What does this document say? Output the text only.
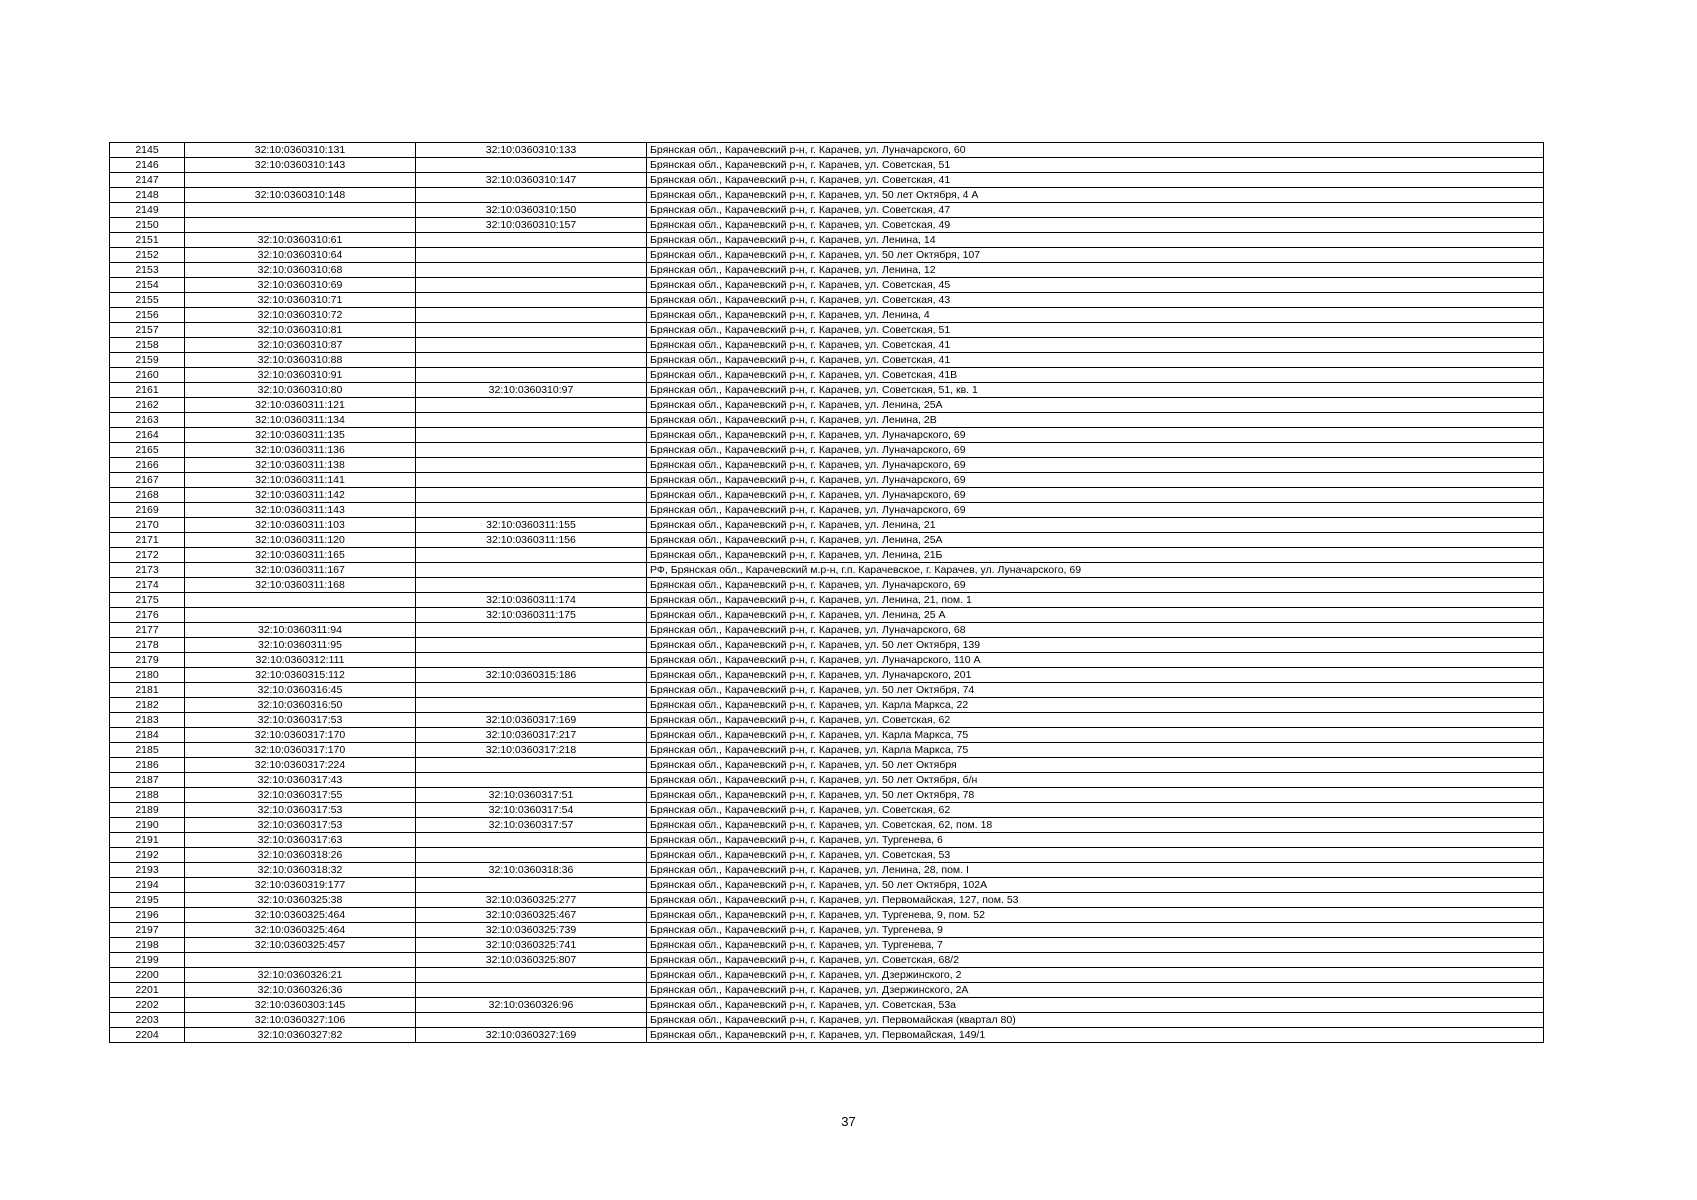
2145	32:10:0360310:131	32:10:0360310:133	Брянская обл., Карачевский р-н, г. Карачев, ул. Луначарского, 60
2146	32:10:0360310:143		Брянская обл., Карачевский р-н, г. Карачев, ул. Советская, 51
2147		32:10:0360310:147	Брянская обл., Карачевский р-н, г. Карачев, ул. Советская, 41
2148	32:10:0360310:148		Брянская обл., Карачевский р-н, г. Карачев, ул. 50 лет Октября, 4 А
2149		32:10:0360310:150	Брянская обл., Карачевский р-н, г. Карачев, ул. Советская, 47
2150		32:10:0360310:157	Брянская обл., Карачевский р-н, г. Карачев, ул. Советская, 49
2151	32:10:0360310:61		Брянская обл., Карачевский р-н, г. Карачев, ул. Ленина, 14
2152	32:10:0360310:64		Брянская обл., Карачевский р-н, г. Карачев, ул. 50 лет Октября, 107
2153	32:10:0360310:68		Брянская обл., Карачевский р-н, г. Карачев, ул. Ленина, 12
2154	32:10:0360310:69		Брянская обл., Карачевский р-н, г. Карачев, ул. Советская, 45
2155	32:10:0360310:71		Брянская обл., Карачевский р-н, г. Карачев, ул. Советская, 43
2156	32:10:0360310:72		Брянская обл., Карачевский р-н, г. Карачев, ул. Ленина, 4
2157	32:10:0360310:81		Брянская обл., Карачевский р-н, г. Карачев, ул. Советская, 51
2158	32:10:0360310:87		Брянская обл., Карачевский р-н, г. Карачев, ул. Советская, 41
2159	32:10:0360310:88		Брянская обл., Карачевский р-н, г. Карачев, ул. Советская, 41
2160	32:10:0360310:91		Брянская обл., Карачевский р-н, г. Карачев, ул. Советская, 41В
2161	32:10:0360310:80	32:10:0360310:97	Брянская обл., Карачевский р-н, г. Карачев, ул. Советская, 51, кв. 1
2162	32:10:0360311:121		Брянская обл., Карачевский р-н, г. Карачев, ул. Ленина, 25А
2163	32:10:0360311:134		Брянская обл., Карачевский р-н, г. Карачев, ул. Ленина, 2В
2164	32:10:0360311:135		Брянская обл., Карачевский р-н, г. Карачев, ул. Луначарского, 69
2165	32:10:0360311:136		Брянская обл., Карачевский р-н, г. Карачев, ул. Луначарского, 69
2166	32:10:0360311:138		Брянская обл., Карачевский р-н, г. Карачев, ул. Луначарского, 69
2167	32:10:0360311:141		Брянская обл., Карачевский р-н, г. Карачев, ул. Луначарского, 69
2168	32:10:0360311:142		Брянская обл., Карачевский р-н, г. Карачев, ул. Луначарского, 69
2169	32:10:0360311:143		Брянская обл., Карачевский р-н, г. Карачев, ул. Луначарского, 69
2170	32:10:0360311:103	32:10:0360311:155	Брянская обл., Карачевский р-н, г. Карачев, ул. Ленина, 21
2171	32:10:0360311:120	32:10:0360311:156	Брянская обл., Карачевский р-н, г. Карачев, ул. Ленина, 25А
2172	32:10:0360311:165		Брянская обл., Карачевский р-н, г. Карачев, ул. Ленина, 21Б
2173	32:10:0360311:167		РФ, Брянская обл., Карачевский м.р-н, г.п. Карачевское, г. Карачев, ул. Луначарского, 69
2174	32:10:0360311:168		Брянская обл., Карачевский р-н, г. Карачев, ул. Луначарского, 69
2175		32:10:0360311:174	Брянская обл., Карачевский р-н, г. Карачев, ул. Ленина, 21, пом. 1
2176		32:10:0360311:175	Брянская обл., Карачевский р-н, г. Карачев, ул. Ленина, 25 А
2177	32:10:0360311:94		Брянская обл., Карачевский р-н, г. Карачев, ул. Луначарского, 68
2178	32:10:0360311:95		Брянская обл., Карачевский р-н, г. Карачев, ул. 50 лет Октября, 139
2179	32:10:0360312:111		Брянская обл., Карачевский р-н, г. Карачев, ул. Луначарского, 110 А
2180	32:10:0360315:112	32:10:0360315:186	Брянская обл., Карачевский р-н, г. Карачев, ул. Луначарского, 201
2181	32:10:0360316:45		Брянская обл., Карачевский р-н, г. Карачев, ул. 50 лет Октября, 74
2182	32:10:0360316:50		Брянская обл., Карачевский р-н, г. Карачев, ул. Карла Маркса, 22
2183	32:10:0360317:53	32:10:0360317:169	Брянская обл., Карачевский р-н, г. Карачев, ул. Советская, 62
2184	32:10:0360317:170	32:10:0360317:217	Брянская обл., Карачевский р-н, г. Карачев, ул. Карла Маркса, 75
2185	32:10:0360317:170	32:10:0360317:218	Брянская обл., Карачевский р-н, г. Карачев, ул. Карла Маркса, 75
2186	32:10:0360317:224		Брянская обл., Карачевский р-н, г. Карачев, ул. 50 лет Октября
2187	32:10:0360317:43		Брянская обл., Карачевский р-н, г. Карачев, ул. 50 лет Октября, б/н
2188	32:10:0360317:55	32:10:0360317:51	Брянская обл., Карачевский р-н, г. Карачев, ул. 50 лет Октября, 78
2189	32:10:0360317:53	32:10:0360317:54	Брянская обл., Карачевский р-н, г. Карачев, ул. Советская, 62
2190	32:10:0360317:53	32:10:0360317:57	Брянская обл., Карачевский р-н, г. Карачев, ул. Советская, 62, пом. 18
2191	32:10:0360317:63		Брянская обл., Карачевский р-н, г. Карачев, ул. Тургенева, 6
2192	32:10:0360318:26		Брянская обл., Карачевский р-н, г. Карачев, ул. Советская, 53
2193	32:10:0360318:32	32:10:0360318:36	Брянская обл., Карачевский р-н, г. Карачев, ул. Ленина, 28, пом. I
2194	32:10:0360319:177		Брянская обл., Карачевский р-н, г. Карачев, ул. 50 лет Октября, 102А
2195	32:10:0360325:38	32:10:0360325:277	Брянская обл., Карачевский р-н, г. Карачев, ул. Первомайская, 127, пом. 53
2196	32:10:0360325:464	32:10:0360325:467	Брянская обл., Карачевский р-н, г. Карачев, ул. Тургенева, 9, пом. 52
2197	32:10:0360325:464	32:10:0360325:739	Брянская обл., Карачевский р-н, г. Карачев, ул. Тургенева, 9
2198	32:10:0360325:457	32:10:0360325:741	Брянская обл., Карачевский р-н, г. Карачев, ул. Тургенева, 7
2199		32:10:0360325:807	Брянская обл., Карачевский р-н, г. Карачев, ул. Советская, 68/2
2200	32:10:0360326:21		Брянская обл., Карачевский р-н, г. Карачев, ул. Дзержинского, 2
2201	32:10:0360326:36		Брянская обл., Карачевский р-н, г. Карачев, ул. Дзержинского, 2А
2202	32:10:0360303:145	32:10:0360326:96	Брянская обл., Карачевский р-н, г. Карачев, ул. Советская, 53а
2203	32:10:0360327:106		Брянская обл., Карачевский р-н, г. Карачев, ул. Первомайская (квартал 80)
2204	32:10:0360327:82	32:10:0360327:169	Брянская обл., Карачевский р-н, г. Карачев, ул. Первомайская, 149/1
37
